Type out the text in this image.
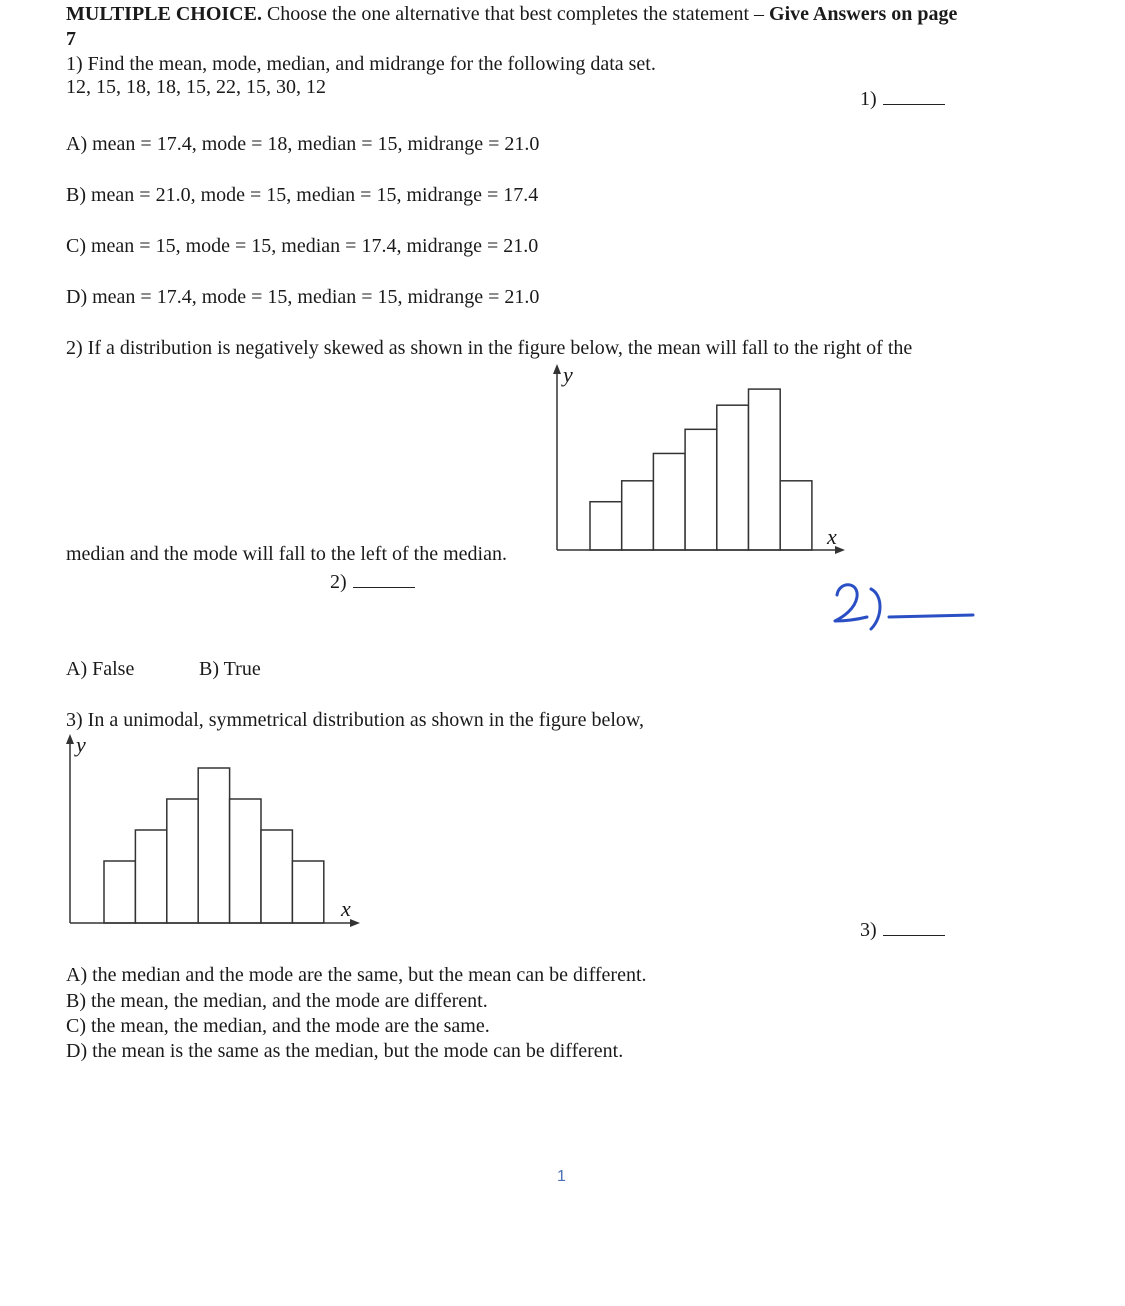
MULTIPLE CHOICE. Choose the one alternative that best completes the statement – Give Answers on page
7
1) Find the mean, mode, median, and midrange for the following data set.
12, 15, 18, 18, 15, 22, 15, 30, 12
1)
A) mean = 17.4, mode = 18, median = 15, midrange = 21.0
B) mean = 21.0, mode = 15, median = 15, midrange = 17.4
C) mean = 15, mode = 15, median = 17.4, midrange = 21.0
D) mean = 17.4, mode = 15, median = 15, midrange = 21.0
2) If a distribution is negatively skewed as shown in the figure below, the mean will fall to the right of the
y
x
median and the mode will fall to the left of the median.
2)
A) False	B) True
3) In a unimodal, symmetrical distribution as shown in the figure below,
y
x
3)
A) the median and the mode are the same, but the mean can be different.
B) the mean, the median, and the mode are different.
C) the mean, the median, and the mode are the same.
D) the mean is the same as the median, but the mode can be different.
1
